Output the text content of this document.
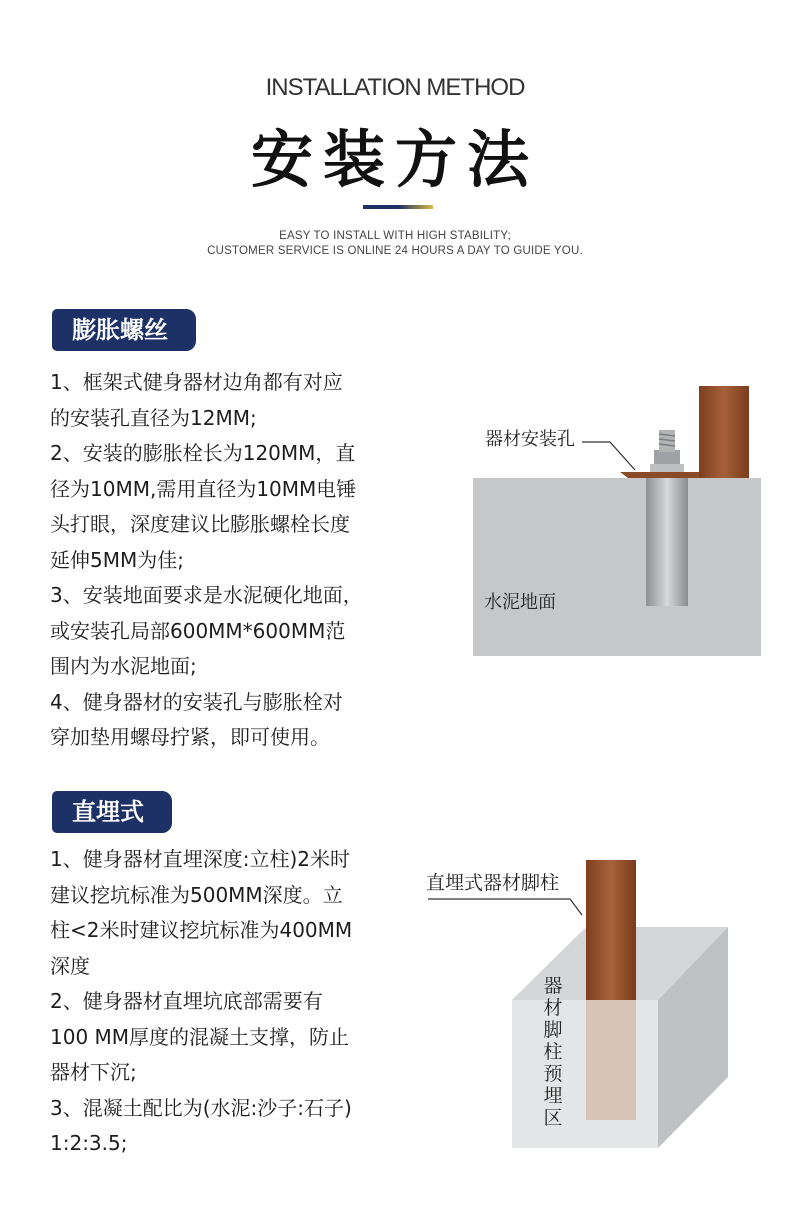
INSTALLATION METHOD
安装方法
EASY TO INSTALL WITH HIGH STABILITY;
CUSTOMER SERVICE IS ONLINE 24 HOURS A DAY TO GUIDE YOU.
膨胀螺丝
1、框架式健身器材边角都有对应
的安装孔直径为12MM;
2、安装的膨胀栓长为120MM，直
径为10MM,需用直径为10MM电锤
头打眼，深度建议比膨胀螺栓长度
延伸5MM为佳;
3、安装地面要求是水泥硬化地面，
或安装孔局部600MM*600MM范
围内为水泥地面;
4、健身器材的安装孔与膨胀栓对
穿加垫用螺母拧紧，即可使用。
器材安装孔
水泥地面
直埋式
1、健身器材直埋深度:立柱)2米时
建议挖坑标准为500MM深度。立
柱<2米时建议挖坑标准为400MM
深度
2、健身器材直埋坑底部需要有
100 MM厚度的混凝土支撑，防止
器材下沉;
3、混凝土配比为(水泥:沙子:石子)
1:2:3.5;
直埋式器材脚柱
器
材
脚
柱
预
埋
区
